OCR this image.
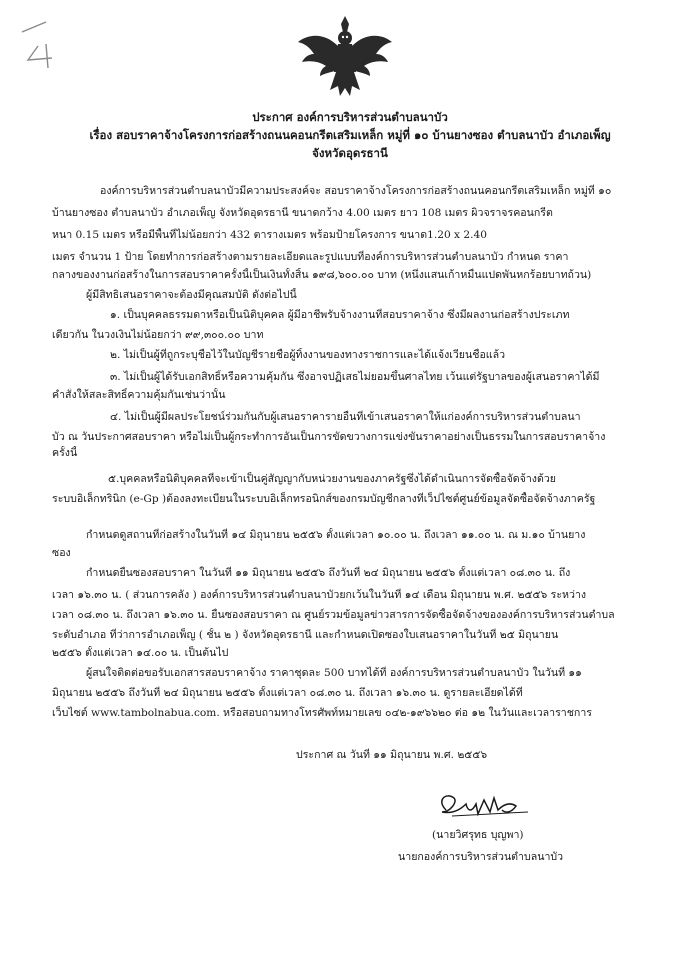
ประกาศ องค์การบริหารส่วนตำบลนาบัว
เรื่อง สอบราคาจ้างโครงการก่อสร้างถนนคอนกรีตเสริมเหล็ก หมู่ที่ ๑๐ บ้านยางซอง ตำบลนาบัว อำเภอเพ็ญ
จังหวัดอุดรธานี
องค์การบริหารส่วนตำบลนาบัวมีความประสงค์จะ สอบราคาจ้างโครงการก่อสร้างถนนคอนกรีตเสริมเหล็ก หมู่ที่ ๑๐
บ้านยางซอง ตำบลนาบัว อำเภอเพ็ญ จังหวัดอุดรธานี ขนาดกว้าง 4.00 เมตร ยาว 108 เมตร ผิวจราจรคอนกรีต
หนา 0.15 เมตร หรือมีพื้นที่ไม่น้อยกว่า 432 ตารางเมตร พร้อมป้ายโครงการ ขนาด1.20 x 2.40
เมตร จำนวน 1 ป้าย โดยทำการก่อสร้างตามรายละเอียดและรูปแบบที่องค์การบริหารส่วนตำบลนาบัว กำหนด ราคา
กลางของงานก่อสร้างในการสอบราคาครั้งนี้เป็นเงินทั้งสิ้น ๑๙๘,๖๐๐.๐๐ บาท (หนึ่งแสนเก้าหมื่นแปดพันหกร้อยบาทถ้วน)
ผู้มีสิทธิเสนอราคาจะต้องมีคุณสมบัติ ดังต่อไปนี้
๑. เป็นบุคคลธรรมดาหรือเป็นนิติบุคคล ผู้มีอาชีพรับจ้างงานที่สอบราคาจ้าง ซึ่งมีผลงานก่อสร้างประเภท
เดียวกัน ในวงเงินไม่น้อยกว่า ๙๙,๓๐๐.๐๐ บาท
๒. ไม่เป็นผู้ที่ถูกระบุชื่อไว้ในบัญชีรายชื่อผู้ทิ้งงานของทางราชการและได้แจ้งเวียนชื่อแล้ว
๓. ไม่เป็นผู้ได้รับเอกสิทธิ์หรือความคุ้มกัน ซึ่งอาจปฏิเสธไม่ยอมขึ้นศาลไทย เว้นแต่รัฐบาลของผู้เสนอราคาได้มี
คำสั่งให้สละสิทธิ์ความคุ้มกันเช่นว่านั้น
๔. ไม่เป็นผู้มีผลประโยชน์ร่วมกันกับผู้เสนอราคารายอื่นที่เข้าเสนอราคาให้แก่องค์การบริหารส่วนตำบลนา
บัว ณ วันประกาศสอบราคา หรือไม่เป็นผู้กระทำการอันเป็นการขัดขวางการแข่งขันราคาอย่างเป็นธรรมในการสอบราคาจ้าง
ครั้งนี้
๕.บุคคลหรือนิติบุคคลที่จะเข้าเป็นคู่สัญญากับหน่วยงานของภาครัฐซึ่งได้ดำเนินการจัดซื้อจัดจ้างด้วย
ระบบอิเล็กทรินิก (e-Gp )ต้องลงทะเบียนในระบบอิเล็กทรอนิกส์ของกรมบัญชีกลางที่เว็ปไซต์ศูนย์ข้อมูลจัดซื้อจัดจ้างภาครัฐ
กำหนดดูสถานที่ก่อสร้างในวันที่ ๑๔ มิถุนายน ๒๕๕๖ ตั้งแต่เวลา ๑๐.๐๐ น. ถึงเวลา ๑๑.๐๐ น. ณ ม.๑๐ บ้านยาง
ซอง
กำหนดยื่นซองสอบราคา ในวันที่ ๑๑ มิถุนายน ๒๕๕๖ ถึงวันที่ ๒๔ มิถุนายน ๒๕๕๖ ตั้งแต่เวลา ๐๘.๓๐ น. ถึง
เวลา ๑๖.๓๐ น. ( ส่วนการคลัง ) องค์การบริหารส่วนตำบลนาบัวยกเว้นในวันที่ ๑๔ เดือน มิถุนายน พ.ศ. ๒๕๕๖ ระหว่าง
เวลา ๐๘.๓๐ น. ถึงเวลา ๑๖.๓๐ น. ยื่นซองสอบราคา ณ ศูนย์รวมข้อมูลข่าวสารการจัดซื้อจัดจ้างขององค์การบริหารส่วนตำบล
ระดับอำเภอ ที่ว่าการอำเภอเพ็ญ ( ชั้น ๒ ) จังหวัดอุดรธานี และกำหนดเปิดซองใบเสนอราคาในวันที่ ๒๕ มิถุนายน
๒๕๕๖ ตั้งแต่เวลา ๑๔.๐๐ น. เป็นต้นไป
ผู้สนใจติดต่อขอรับเอกสารสอบราคาจ้าง ราคาชุดละ 500 บาทได้ที่ องค์การบริหารส่วนตำบลนาบัว ในวันที่ ๑๑
มิถุนายน ๒๕๕๖ ถึงวันที่ ๒๔ มิถุนายน ๒๕๕๖ ตั้งแต่เวลา ๐๘.๓๐ น. ถึงเวลา ๑๖.๓๐ น. ดูรายละเอียดได้ที่
เว็บไซต์ www.tambolnabua.com. หรือสอบถามทางโทรศัพท์หมายเลข ๐๔๒-๑๙๖๖๒๐ ต่อ ๑๒ ในวันและเวลาราชการ
ประกาศ ณ วันที่ ๑๑ มิถุนายน พ.ศ. ๒๕๕๖
(นายวิศรุทธ บุญพา)
นายกองค์การบริหารส่วนตำบลนาบัว
